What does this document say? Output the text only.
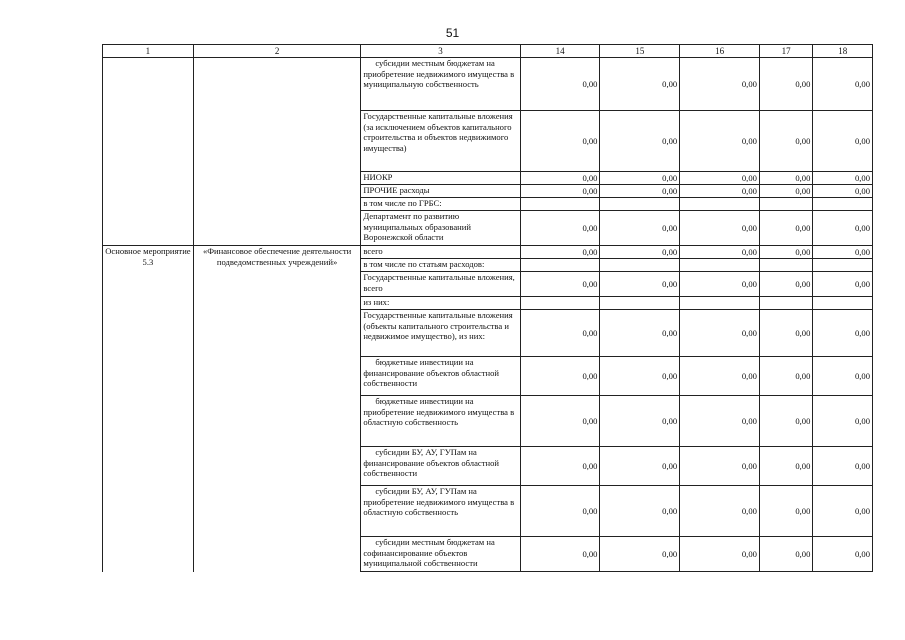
51
1	2	3	14	15	16	17	18
		субсидии местным бюджетам на приобретение недвижимого имущества в муниципальную собственность	0,00	0,00	0,00	0,00	0,00
		Государственные капитальные вложения (за исключением объектов капитального строительства и объектов недвижимого имущества)	0,00	0,00	0,00	0,00	0,00
		НИОКР	0,00	0,00	0,00	0,00	0,00
		ПРОЧИЕ расходы	0,00	0,00	0,00	0,00	0,00
		в том числе по ГРБС:					
		Департамент по развитию муниципальных образований Воронежской области	0,00	0,00	0,00	0,00	0,00
Основное мероприятие 5.3	«Финансовое обеспечение деятельности подведомственных учреждений»	всего	0,00	0,00	0,00	0,00	0,00
		в том числе по статьям расходов:					
		Государственные капитальные вложения, всего	0,00	0,00	0,00	0,00	0,00
		из них:					
		Государственные капитальные вложения (объекты капитального строительства и недвижимое имущество), из них:	0,00	0,00	0,00	0,00	0,00
		бюджетные инвестиции на финансирование объектов областной собственности	0,00	0,00	0,00	0,00	0,00
		бюджетные инвестиции на приобретение недвижимого имущества в областную собственность	0,00	0,00	0,00	0,00	0,00
		субсидии БУ, АУ, ГУПам на финансирование объектов областной собственности	0,00	0,00	0,00	0,00	0,00
		субсидии БУ, АУ, ГУПам на приобретение недвижимого имущества в областную собственность	0,00	0,00	0,00	0,00	0,00
		субсидии местным бюджетам на софинансирование объектов муниципальной собственности	0,00	0,00	0,00	0,00	0,00
